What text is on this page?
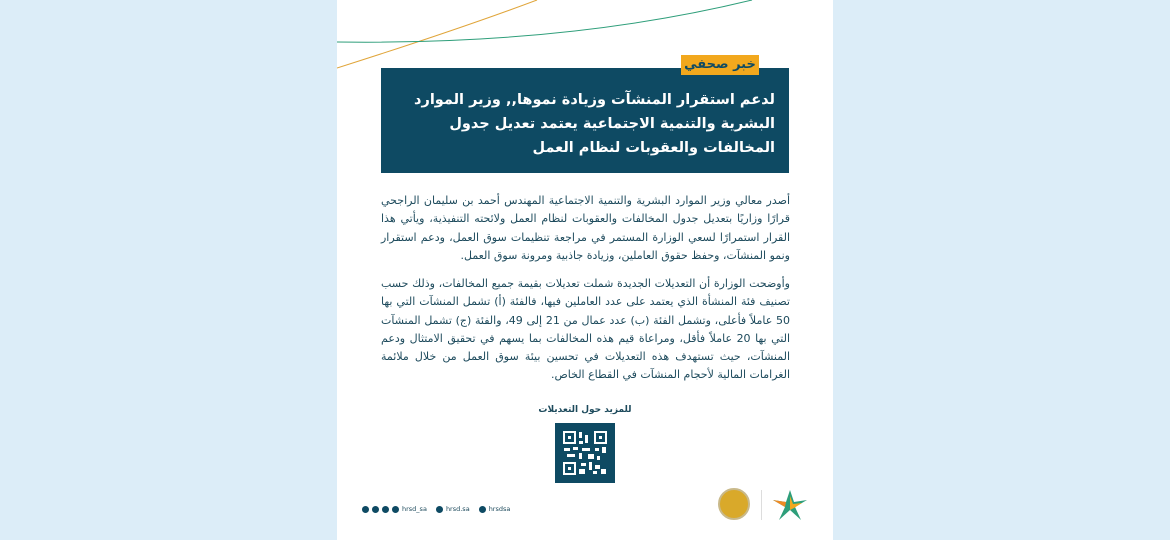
لدعم استقرار المنشآت وزيادة نموها,, وزير الموارد البشرية والتنمية الاجتماعية يعتمد تعديل جدول المخالفات والعقوبات لنظام العمل
خبر صحفي
أصدر معالي وزير الموارد البشرية والتنمية الاجتماعية المهندس أحمد بن سليمان الراجحي قرارًا وزاريًا بتعديل جدول المخالفات والعقوبات لنظام العمل ولائحته التنفيذية، ويأتي هذا القرار استمرارًا لسعي الوزارة المستمر في مراجعة تنظيمات سوق العمل، ودعم استقرار ونمو المنشآت، وحفظ حقوق العاملين، وزيادة جاذبية ومرونة سوق العمل.
وأوضحت الوزارة أن التعديلات الجديدة شملت تعديلات بقيمة جميع المخالفات، وذلك حسب تصنيف فئة المنشأة الذي يعتمد على عدد العاملين فيها، فالفئة (أ) تشمل المنشآت التي بها 50 عاملاً فأعلى، وتشمل الفئة (ب) عدد عمال من 21 إلى 49، والفئة (ج) تشمل المنشآت التي بها 20 عاملاً فأقل، ومراعاة قيم هذه المخالفات بما يسهم في تحقيق الامتثال ودعم المنشآت، حيث تستهدف هذه التعديلات في تحسين بيئة سوق العمل من خلال ملائمة الغرامات المالية لأحجام المنشآت في القطاع الخاص.
للمزيد حول التعديلات
hrsd_sa	hrsd.sa	hrsdsa
